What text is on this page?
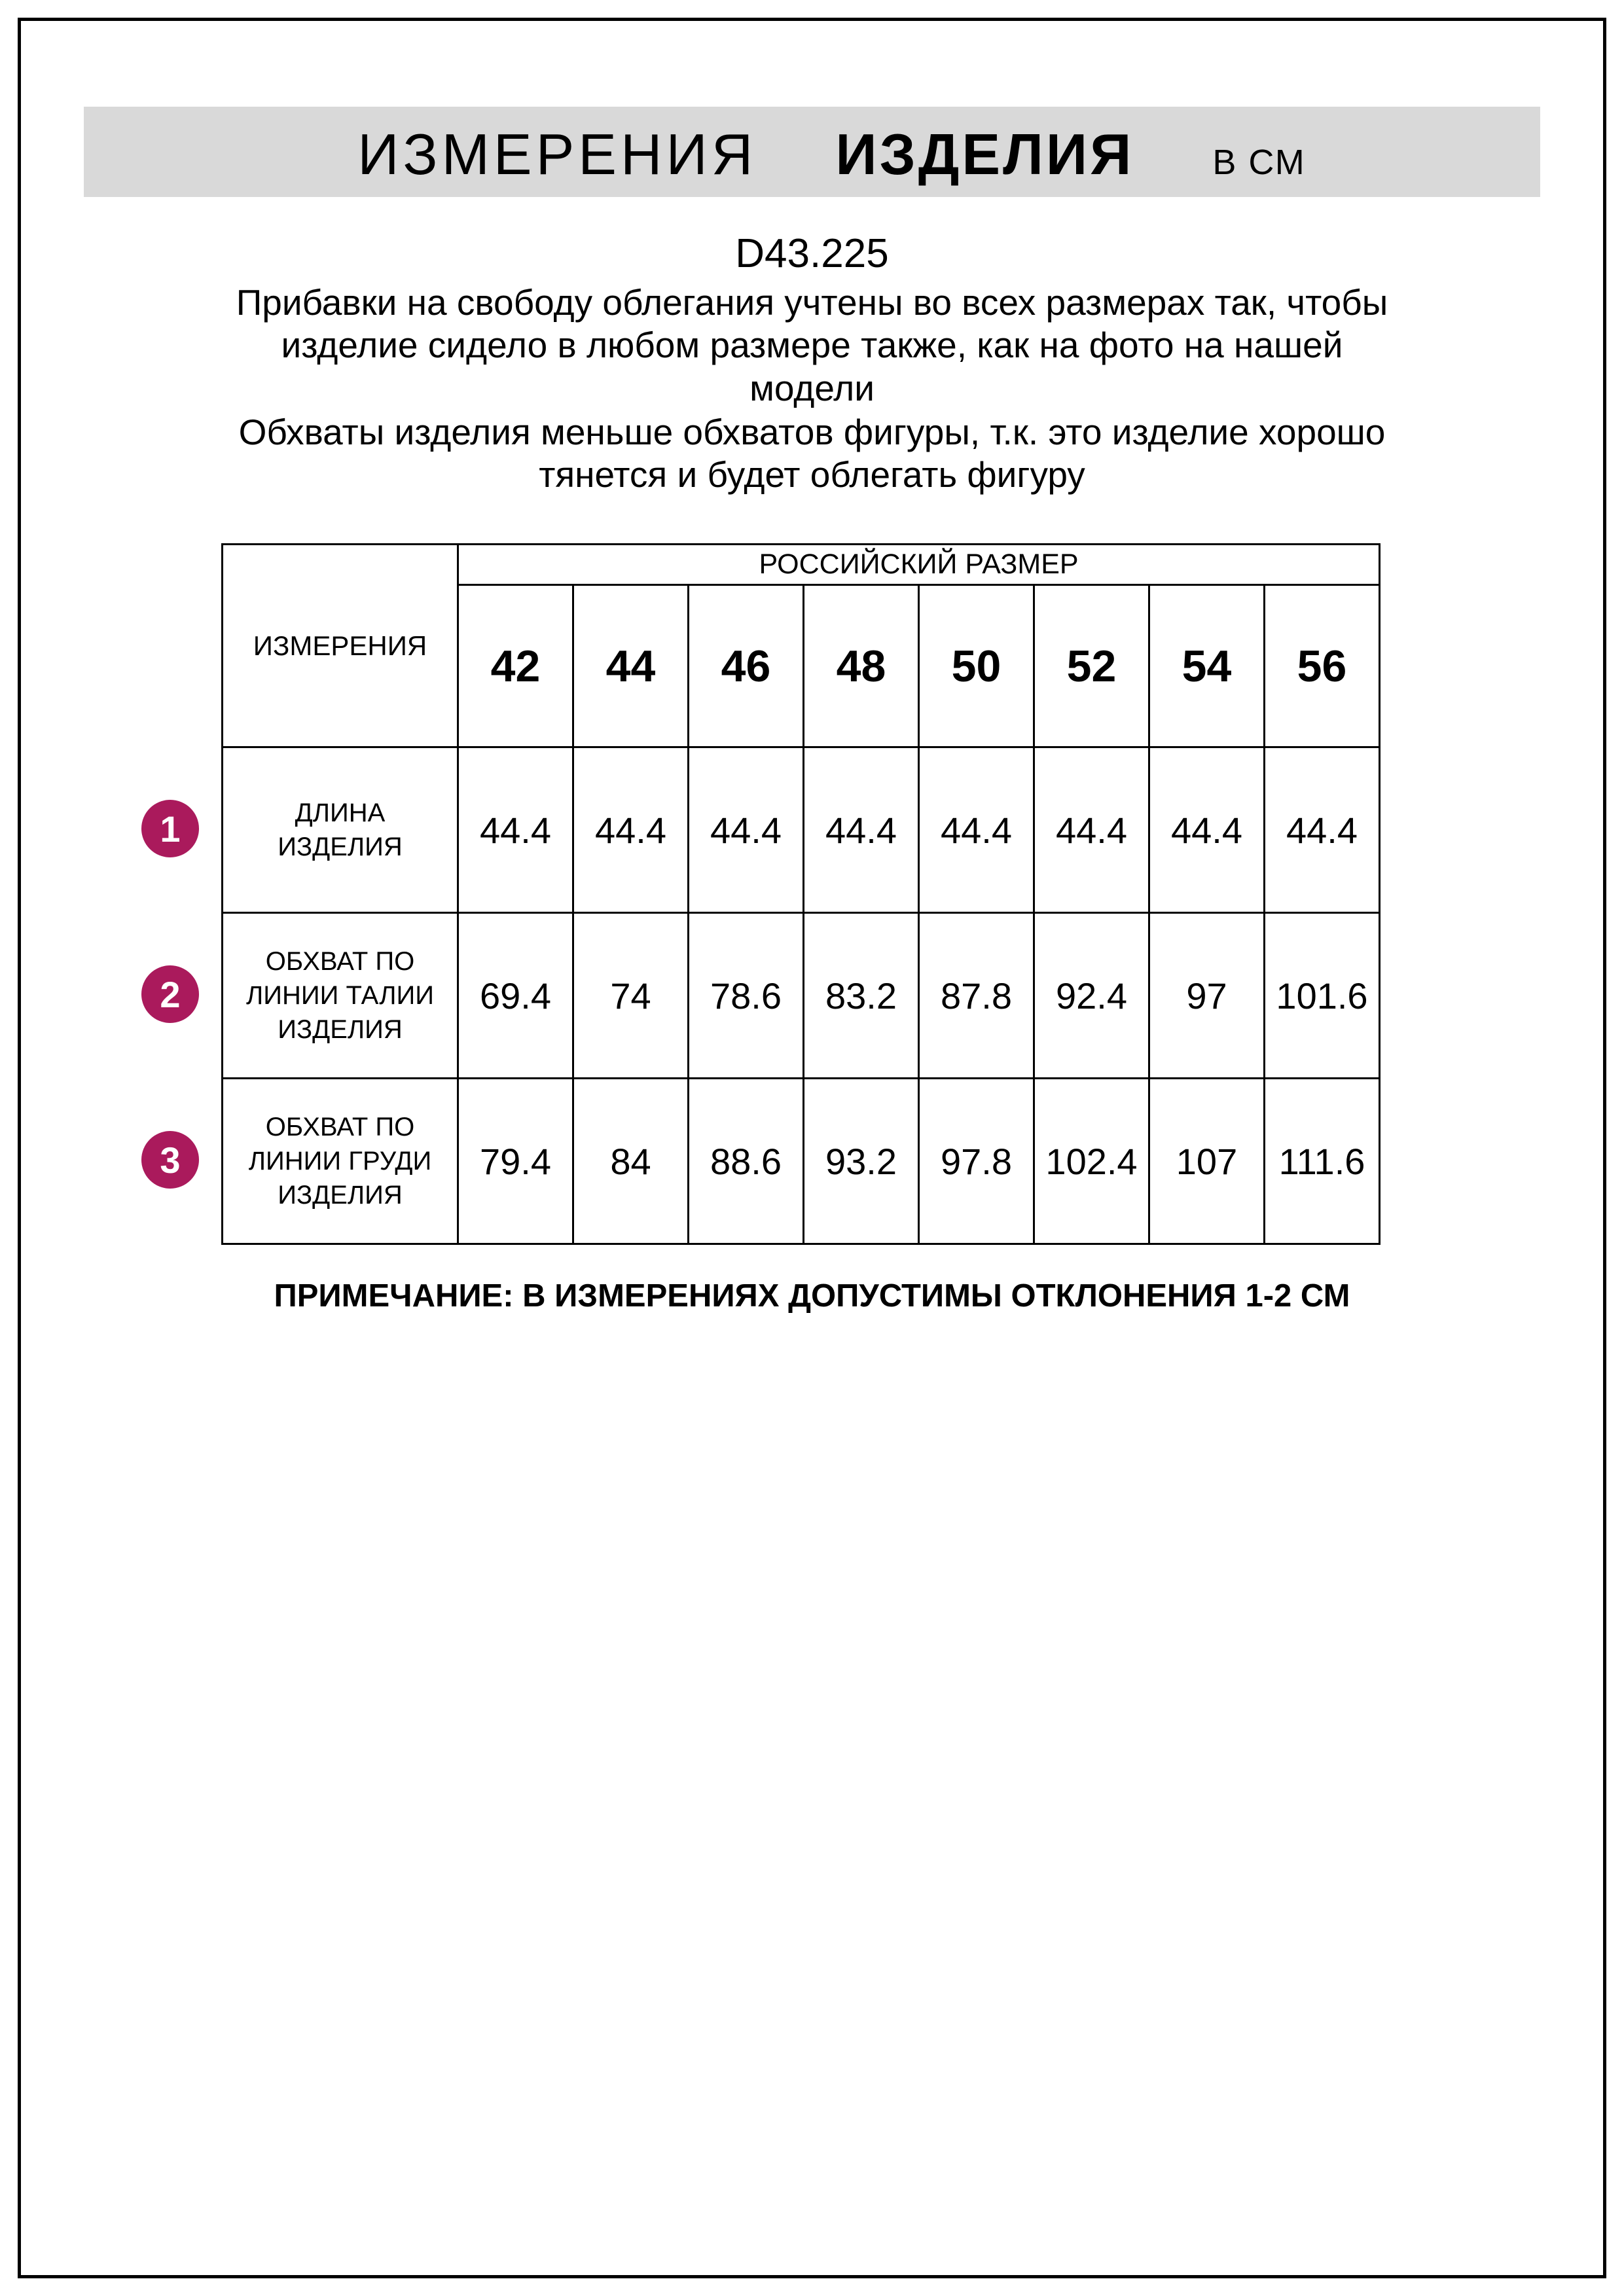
ИЗМЕРЕНИЯ ИЗДЕЛИЯ В СМ
D43.225

Прибавки на свободу облегания учтены во всех размерах так, чтобы изделие сидело в любом размере также, как на фото на нашей модели

Обхваты изделия меньше обхватов фигуры, т.к. это изделие хорошо тянется и будет облегать фигуру

1
2
3
ИЗМЕРЕНИЯ	РОССИЙСКИЙ РАЗМЕР							
	42	44	46	48	50	52	54	56
ДЛИНА ИЗДЕЛИЯ	44.4	44.4	44.4	44.4	44.4	44.4	44.4	44.4
ОБХВАТ ПО ЛИНИИ ТАЛИИ ИЗДЕЛИЯ	69.4	74	78.6	83.2	87.8	92.4	97	101.6
ОБХВАТ ПО ЛИНИИ ГРУДИ ИЗДЕЛИЯ	79.4	84	88.6	93.2	97.8	102.4	107	111.6
ПРИМЕЧАНИЕ: В ИЗМЕРЕНИЯХ ДОПУСТИМЫ ОТКЛОНЕНИЯ 1-2 СМ
